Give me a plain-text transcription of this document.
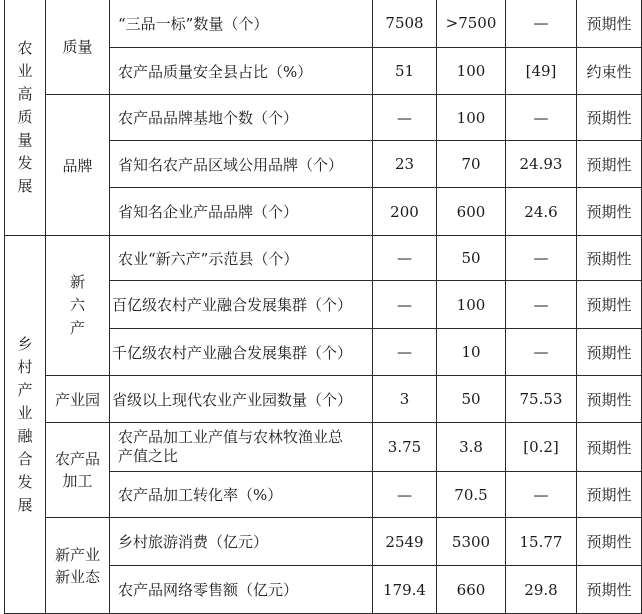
农业高质量发展	质量	“三品一标”数量（个）	7508	>7500	—	预期性
		农产品质量安全县占比（%）	51	100	[49]	约束性
	品牌	农产品品牌基地个数（个）	—	100	—	预期性
		省知名农产品区域公用品牌（个）	23	70	24.93	预期性
		省知名企业产品品牌（个）	200	600	24.6	预期性
乡村产业融合发展	新六产	农业“新六产”示范县（个）	—	50	—	预期性
		百亿级农村产业融合发展集群（个）	—	100	—	预期性
		千亿级农村产业融合发展集群（个）	—	10	—	预期性
	产业园	省级以上现代农业产业园数量（个）	3	50	75.53	预期性
	农产品加工	农产品加工业产值与农林牧渔业总产值之比	3.75	3.8	[0.2]	预期性
		农产品加工转化率（%）	—	70.5	—	预期性
	新产业新业态	乡村旅游消费（亿元）	2549	5300	15.77	预期性
		农产品网络零售额（亿元）	179.4	660	29.8	预期性
